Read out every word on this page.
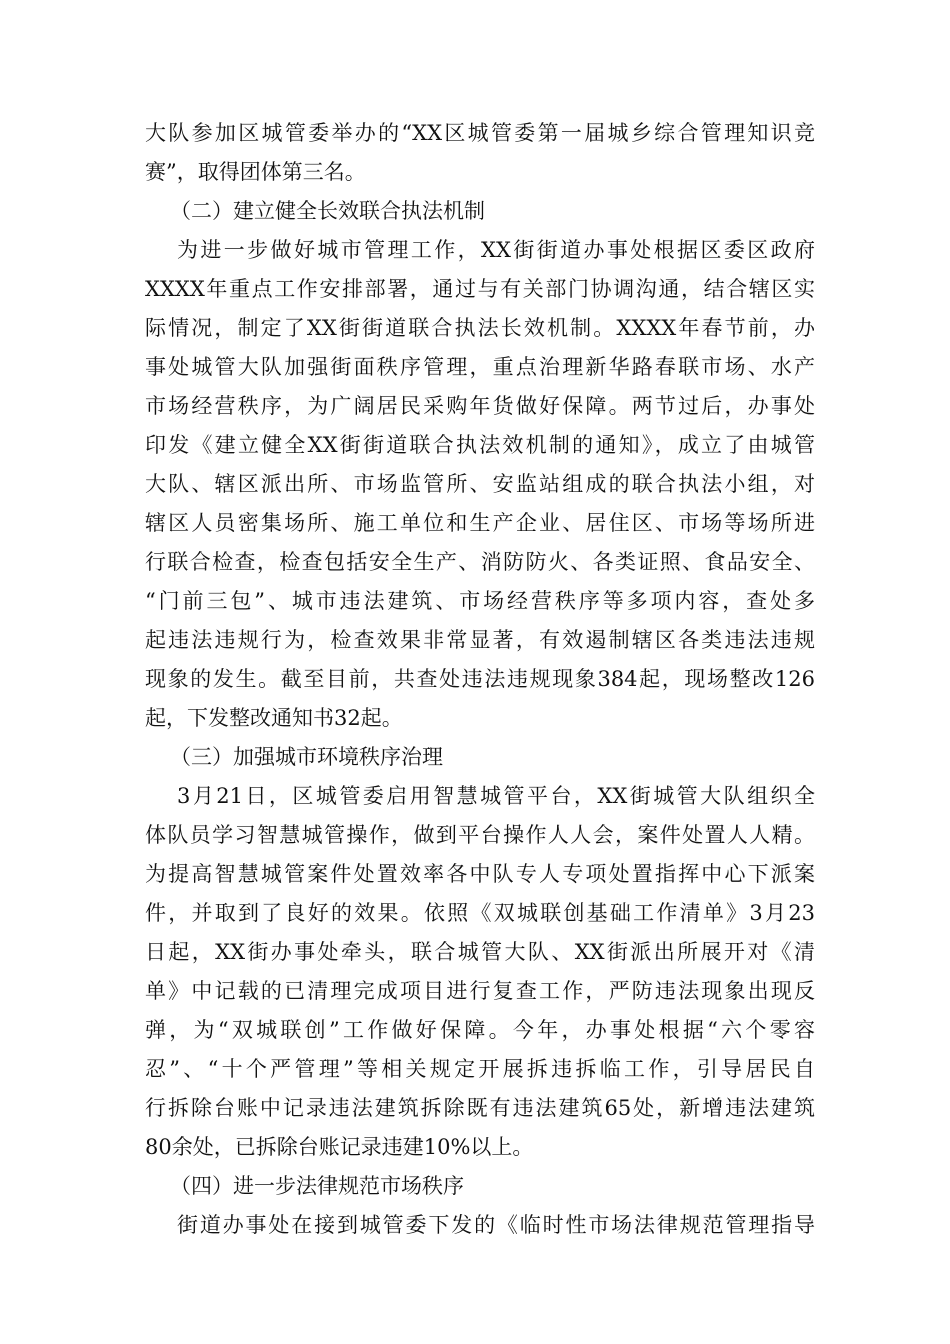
大队参加区城管委举办的“XX区城管委第一届城乡综合管理知识竞
赛”，取得团体第三名。
（二）建立健全长效联合执法机制
为进一步做好城市管理工作，XX街街道办事处根据区委区政府
XXXX年重点工作安排部署，通过与有关部门协调沟通，结合辖区实
际情况，制定了XX街街道联合执法长效机制。XXXX年春节前，办
事处城管大队加强街面秩序管理，重点治理新华路春联市场、水产
市场经营秩序，为广阔居民采购年货做好保障。两节过后，办事处
印发《建立健全XX街街道联合执法效机制的通知》，成立了由城管
大队、辖区派出所、市场监管所、安监站组成的联合执法小组，对
辖区人员密集场所、施工单位和生产企业、居住区、市场等场所进
行联合检查，检查包括安全生产、消防防火、各类证照、食品安全、
“门前三包”、城市违法建筑、市场经营秩序等多项内容，查处多
起违法违规行为，检查效果非常显著，有效遏制辖区各类违法违规
现象的发生。截至目前，共查处违法违规现象384起，现场整改126
起，下发整改通知书32起。
（三）加强城市环境秩序治理
3月21日，区城管委启用智慧城管平台，XX街城管大队组织全
体队员学习智慧城管操作，做到平台操作人人会，案件处置人人精。
为提高智慧城管案件处置效率各中队专人专项处置指挥中心下派案
件，并取到了良好的效果。依照《双城联创基础工作清单》3月23
日起，XX街办事处牵头，联合城管大队、XX街派出所展开对《清
单》中记载的已清理完成项目进行复查工作，严防违法现象出现反
弹，为“双城联创”工作做好保障。今年，办事处根据“六个零容
忍”、“十个严管理”等相关规定开展拆违拆临工作，引导居民自
行拆除台账中记录违法建筑拆除既有违法建筑65处，新增违法建筑
80余处，已拆除台账记录违建10%以上。
（四）进一步法律规范市场秩序
街道办事处在接到城管委下发的《临时性市场法律规范管理指导
